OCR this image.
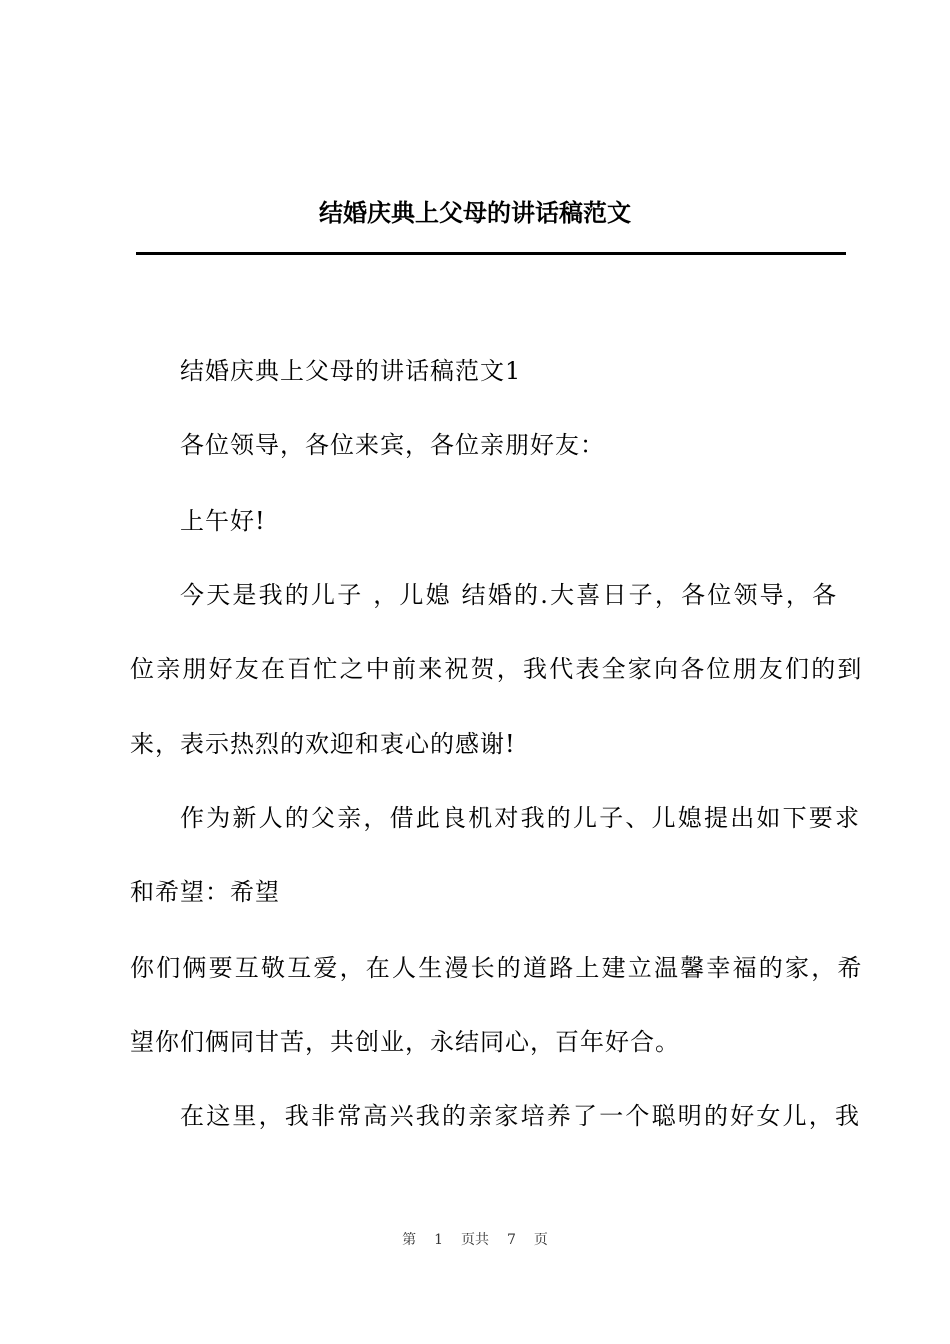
结婚庆典上父母的讲话稿范文
结婚庆典上父母的讲话稿范文1
各位领导，各位来宾，各位亲朋好友：
上午好!
今天是我的儿子 ，儿媳 结婚的.大喜日子，各位领导，各
位亲朋好友在百忙之中前来祝贺，我代表全家向各位朋友们的到
来，表示热烈的欢迎和衷心的感谢!
作为新人的父亲，借此良机对我的儿子、儿媳提出如下要求
和希望：希望
你们俩要互敬互爱，在人生漫长的道路上建立温馨幸福的家，希
望你们俩同甘苦，共创业，永结同心，百年好合。
在这里，我非常高兴我的亲家培养了一个聪明的好女儿，我
第 1 页共 7 页
